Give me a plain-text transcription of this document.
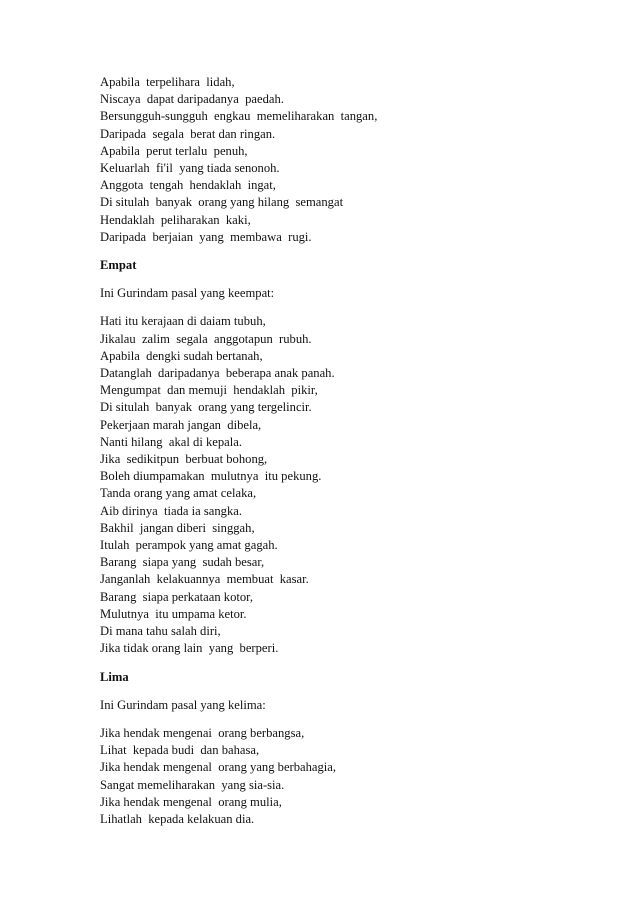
Apabila  terpelihara  lidah,
Niscaya  dapat daripadanya  paedah.
Bersungguh-sungguh  engkau  memeliharakan  tangan,
Daripada  segala  berat dan ringan.
Apabila  perut terlalu  penuh,
Keluarlah  fi'il  yang tiada senonoh.
Anggota  tengah  hendaklah  ingat,
Di situlah  banyak  orang yang hilang  semangat
Hendaklah  peliharakan  kaki,
Daripada  berjaian  yang  membawa  rugi.
Empat
Ini Gurindam pasal yang keempat:
Hati itu kerajaan di daiam tubuh,
Jikalau  zalim  segala  anggotapun  rubuh.
Apabila  dengki sudah bertanah,
Datanglah  daripadanya  beberapa anak panah.
Mengumpat  dan memuji  hendaklah  pikir,
Di situlah  banyak  orang yang tergelincir.
Pekerjaan marah jangan  dibela,
Nanti hilang  akal di kepala.
Jika  sedikitpun  berbuat bohong,
Boleh diumpamakan  mulutnya  itu pekung.
Tanda orang yang amat celaka,
Aib dirinya  tiada ia sangka.
Bakhil  jangan diberi  singgah,
Itulah  perampok yang amat gagah.
Barang  siapa yang  sudah besar,
Janganlah  kelakuannya  membuat  kasar.
Barang  siapa perkataan kotor,
Mulutnya  itu umpama ketor.
Di mana tahu salah diri,
Jika tidak orang lain  yang  berperi.
Lima
Ini Gurindam pasal yang kelima:
Jika hendak mengenai  orang berbangsa,
Lihat  kepada budi  dan bahasa,
Jika hendak mengenal  orang yang berbahagia,
Sangat memeliharakan  yang sia-sia.
Jika hendak mengenal  orang mulia,
Lihatlah  kepada kelakuan dia.
